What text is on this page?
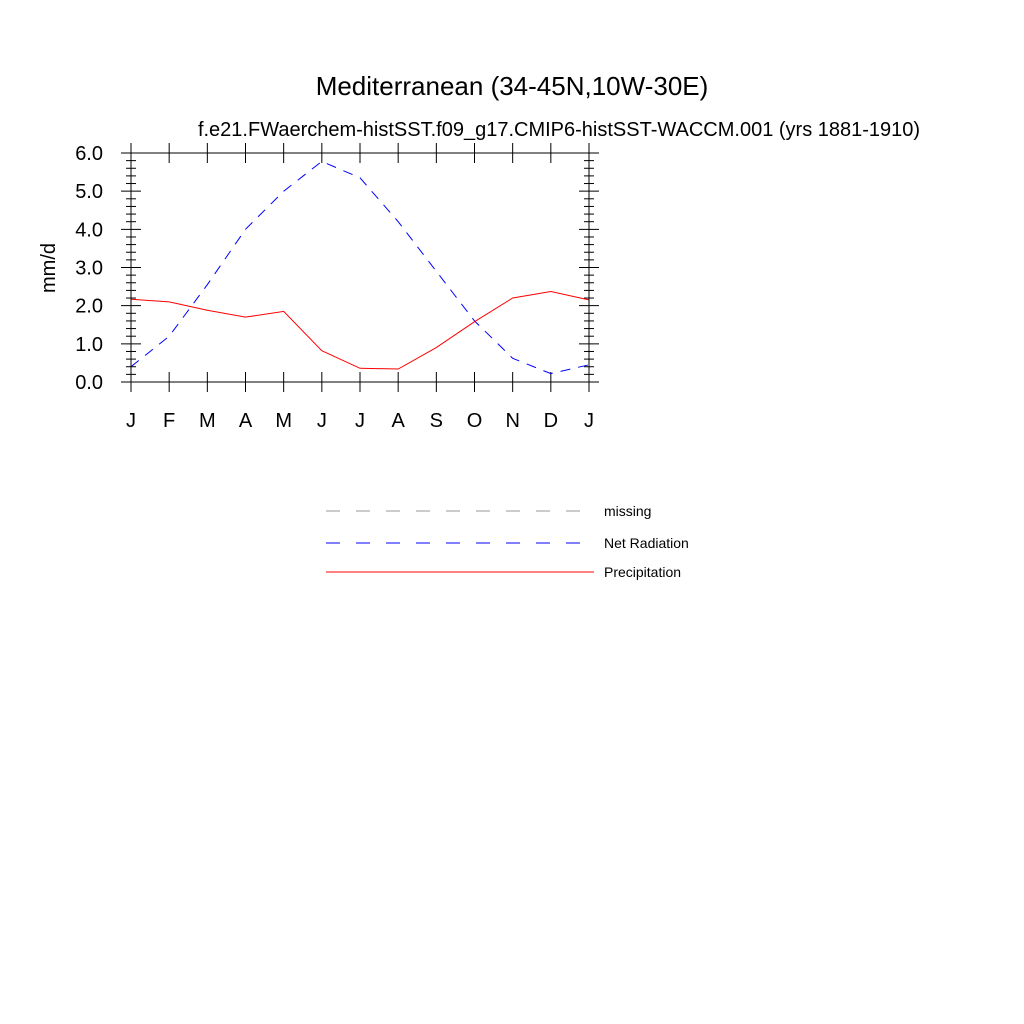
Mediterranean (34-45N,10W-30E)
f.e21.FWaerchem-histSST.f09_g17.CMIP6-histSST-WACCM.001 (yrs 1881-1910)
mm/d
0.0
1.0
2.0
3.0
4.0
5.0
6.0
J F M A M J J A S O N D J
missing
Net Radiation
Precipitation
